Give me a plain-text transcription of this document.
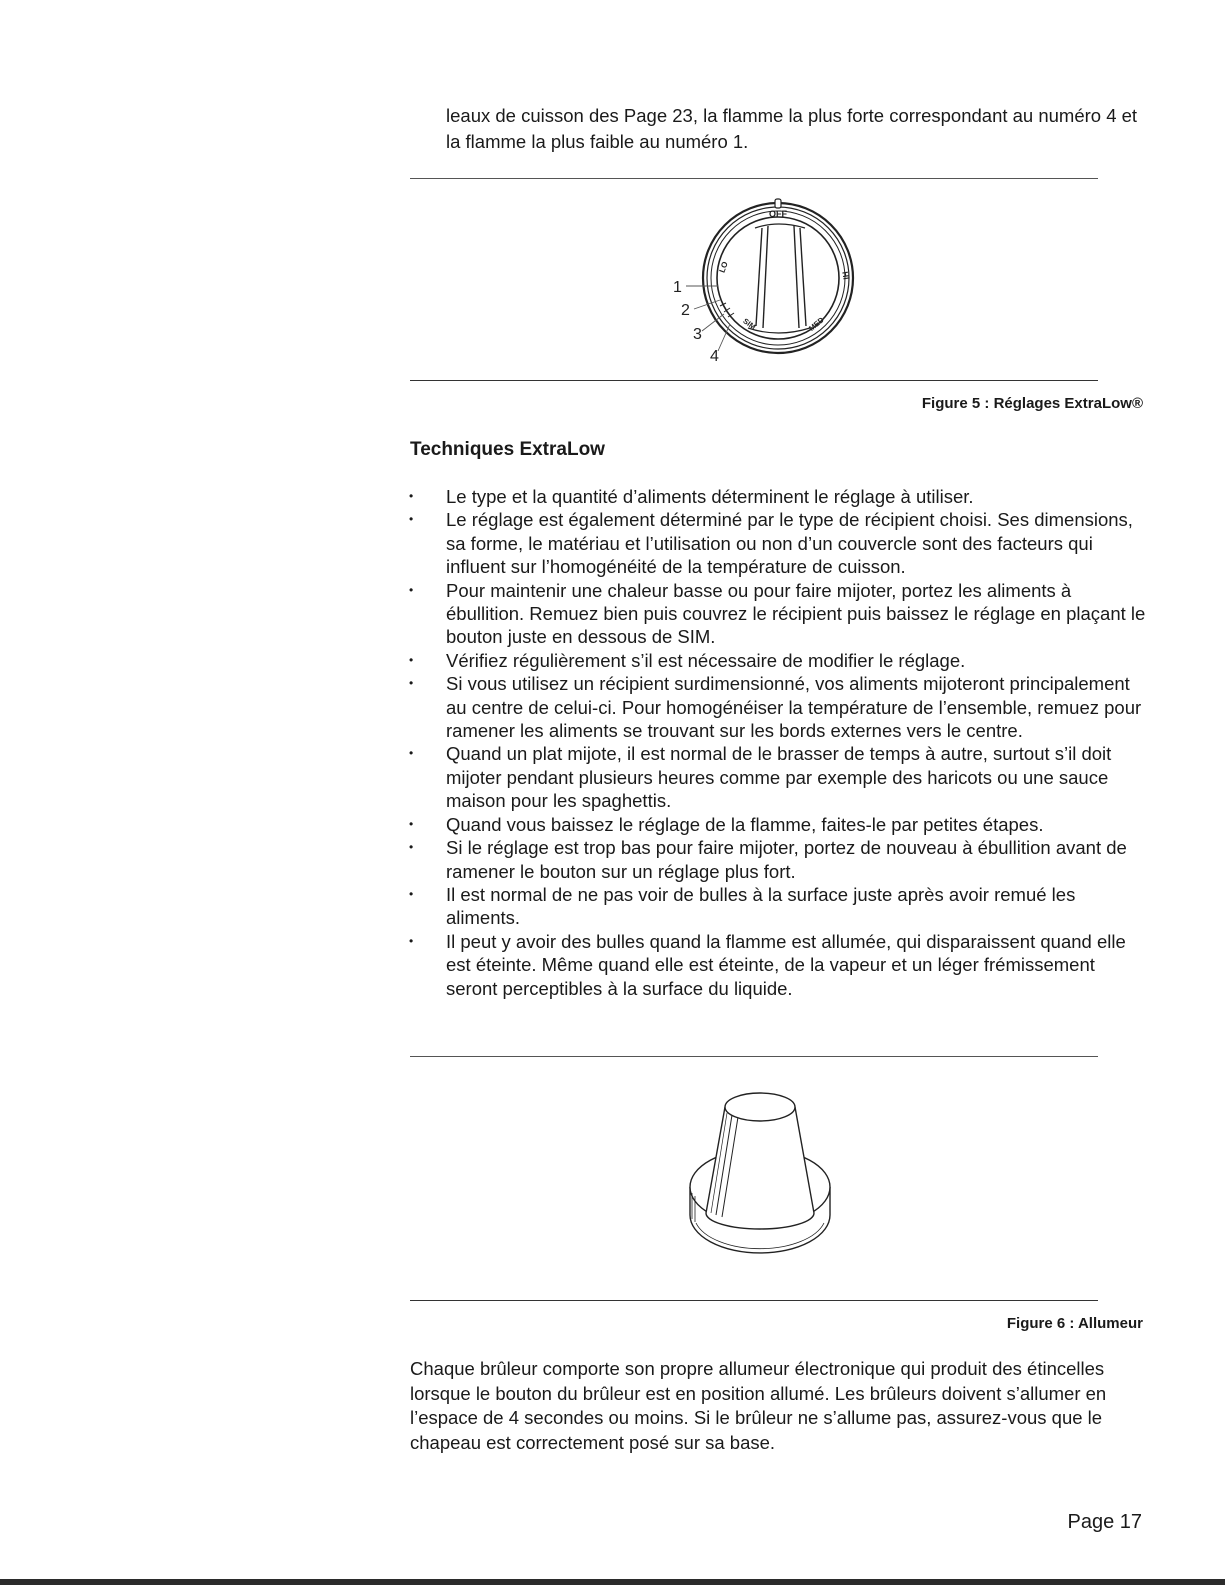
leaux de cuisson des Page 23, la flamme la plus forte correspondant au numéro 4 et la flamme la plus faible au numéro 1.

OFF
LO
HI
SIM	MED
1
2
3
4
Figure 5 : Réglages ExtraLow®
Techniques ExtraLow
• Le type et la quantité d’aliments déterminent le réglage à utiliser.
• Le réglage est également déterminé par le type de récipient choisi. Ses dimensions, sa forme, le matériau et l’utilisation ou non d’un couvercle sont des facteurs qui influent sur l’homogénéité de la température de cuisson.
• Pour maintenir une chaleur basse ou pour faire mijoter, portez les aliments à ébullition. Remuez bien puis couvrez le récipient puis baissez le réglage en plaçant le bouton juste en dessous de SIM.
• Vérifiez régulièrement s’il est nécessaire de modifier le réglage.
• Si vous utilisez un récipient surdimensionné, vos aliments mijoteront principalement au centre de celui-ci. Pour homogénéiser la température de l’ensemble, remuez pour ramener les aliments se trouvant sur les bords externes vers le centre.
• Quand un plat mijote, il est normal de le brasser de temps à autre, surtout s’il doit mijoter pendant plusieurs heures comme par exemple des haricots ou une sauce maison pour les spaghettis.
• Quand vous baissez le réglage de la flamme, faites-le par petites étapes.
• Si le réglage est trop bas pour faire mijoter, portez de nouveau à ébullition avant de ramener le bouton sur un réglage plus fort.
• Il est normal de ne pas voir de bulles à la surface juste après avoir remué les aliments.
• Il peut y avoir des bulles quand la flamme est allumée, qui disparaissent quand elle est éteinte. Même quand elle est éteinte, de la vapeur et un léger frémissement seront perceptibles à la surface du liquide.
Figure 6 : Allumeur

Chaque brûleur comporte son propre allumeur électronique qui produit des étincelles lorsque le bouton du brûleur est en position allumé. Les brûleurs doivent s’allumer en l’espace de 4 secondes ou moins. Si le brûleur ne s’allume pas, assurez-vous que le chapeau est correctement posé sur sa base.

Page 17
